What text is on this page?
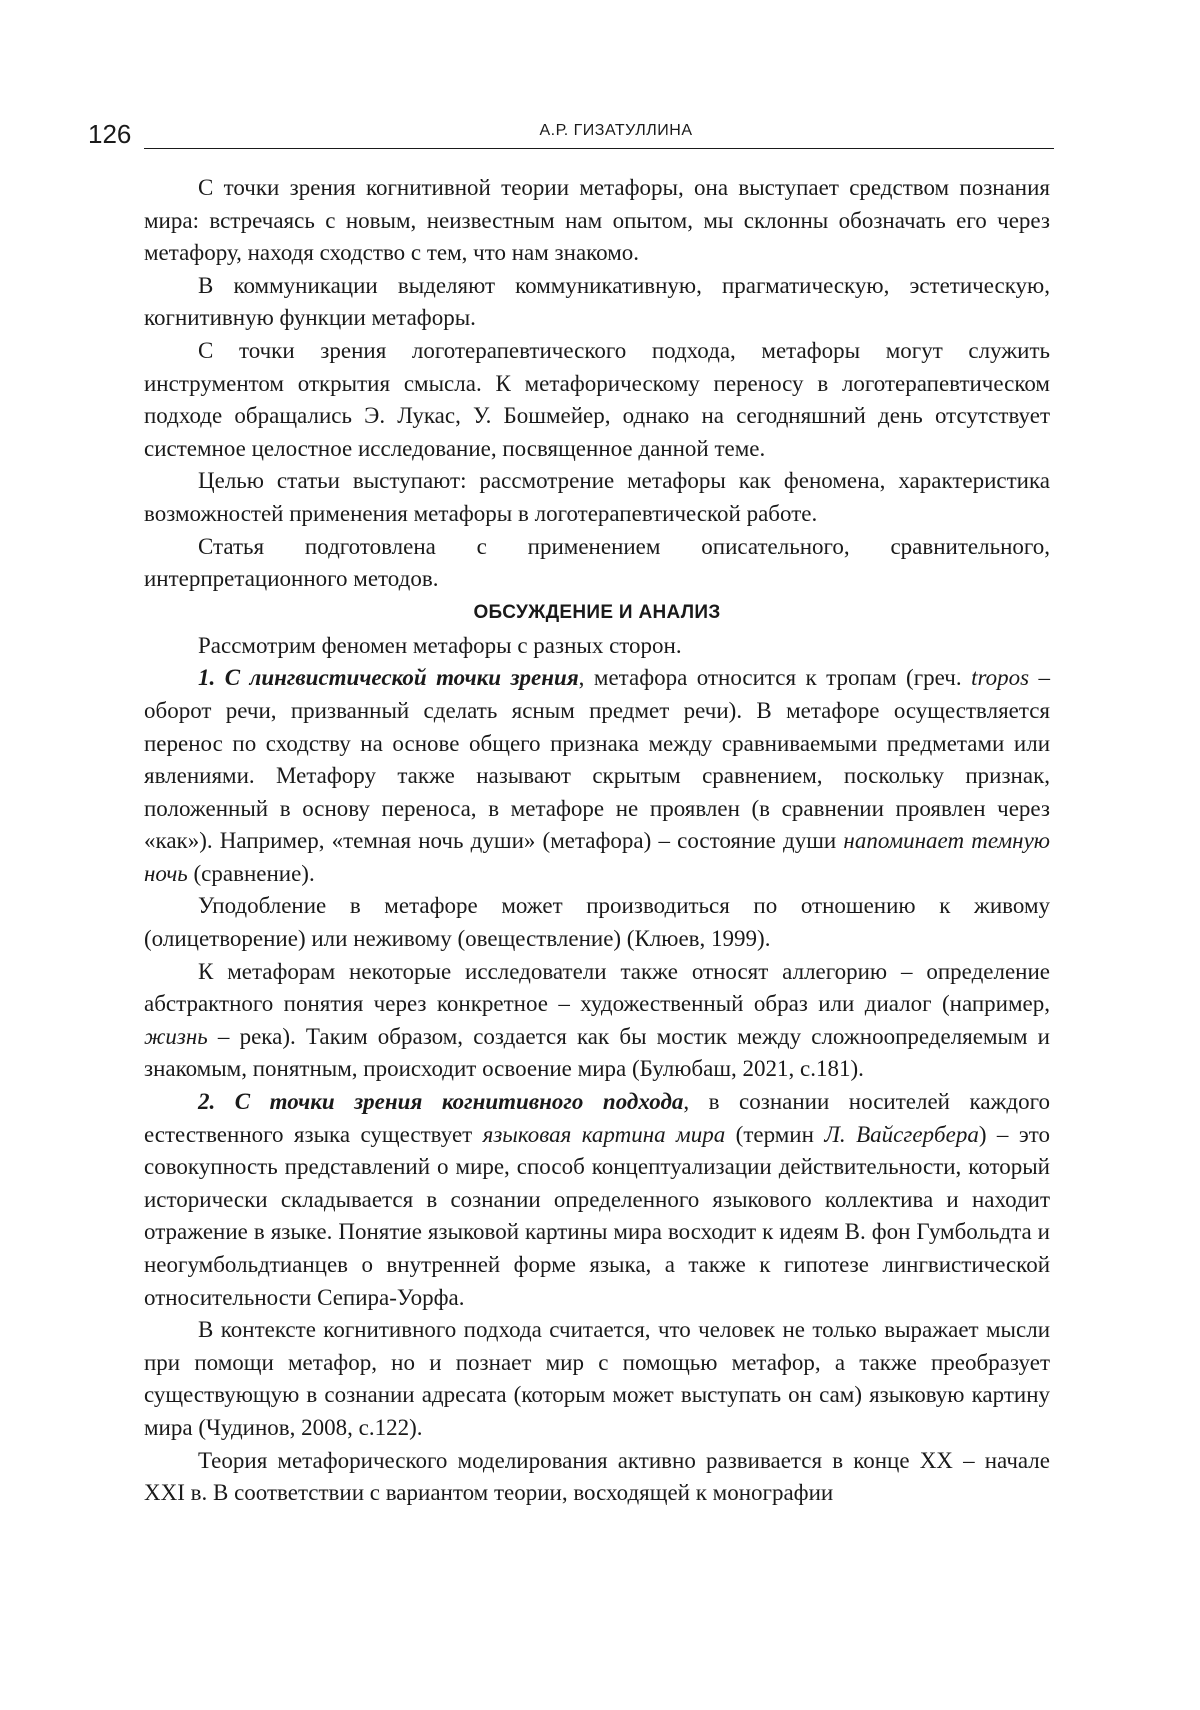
126	А.Р. ГИЗАТУЛЛИНА

С точки зрения когнитивной теории метафоры, она выступает средством познания мира: встречаясь с новым, неизвестным нам опытом, мы склонны обозначать его через метафору, находя сходство с тем, что нам знакомо.

В коммуникации выделяют коммуникативную, прагматическую, эстетическую, когнитивную функции метафоры.

С точки зрения логотерапевтического подхода, метафоры могут служить инструментом открытия смысла. К метафорическому переносу в логотерапевтическом подходе обращались Э. Лукас, У. Бошмейер, однако на сегодняшний день отсутствует системное целостное исследование, посвященное данной теме.

Целью статьи выступают: рассмотрение метафоры как феномена, характеристика возможностей применения метафоры в логотерапевтической работе.

Статья подготовлена с применением описательного, сравнительного, интерпретационного методов.

ОБСУЖДЕНИЕ И АНАЛИЗ

Рассмотрим феномен метафоры с разных сторон.

1. С лингвистической точки зрения, метафора относится к тропам (греч. tropos – оборот речи, призванный сделать ясным предмет речи). В метафоре осуществляется перенос по сходству на основе общего признака между сравниваемыми предметами или явлениями. Метафору также называют скрытым сравнением, поскольку признак, положенный в основу переноса, в метафоре не проявлен (в сравнении проявлен через «как»). Например, «темная ночь души» (метафора) – состояние души напоминает темную ночь (сравнение).

Уподобление в метафоре может производиться по отношению к живому (олицетворение) или неживому (овеществление) (Клюев, 1999).

К метафорам некоторые исследователи также относят аллегорию – определение абстрактного понятия через конкретное – художественный образ или диалог (например, жизнь – река). Таким образом, создается как бы мостик между сложноопределяемым и знакомым, понятным, происходит освоение мира (Булюбаш, 2021, с.181).

2. С точки зрения когнитивного подхода, в сознании носителей каждого естественного языка существует языковая картина мира (термин Л. Вайсгербера) – это совокупность представлений о мире, способ концептуализации действительности, который исторически складывается в сознании определенного языкового коллектива и находит отражение в языке. Понятие языковой картины мира восходит к идеям В. фон Гумбольдта и неогумбольдтианцев о внутренней форме языка, а также к гипотезе лингвистической относительности Сепира-Уорфа.

В контексте когнитивного подхода считается, что человек не только выражает мысли при помощи метафор, но и познает мир с помощью метафор, а также преобразует существующую в сознании адресата (которым может выступать он сам) языковую картину мира (Чудинов, 2008, с.122).

Теория метафорического моделирования активно развивается в конце XX – начале XXI в. В соответствии с вариантом теории, восходящей к монографии
